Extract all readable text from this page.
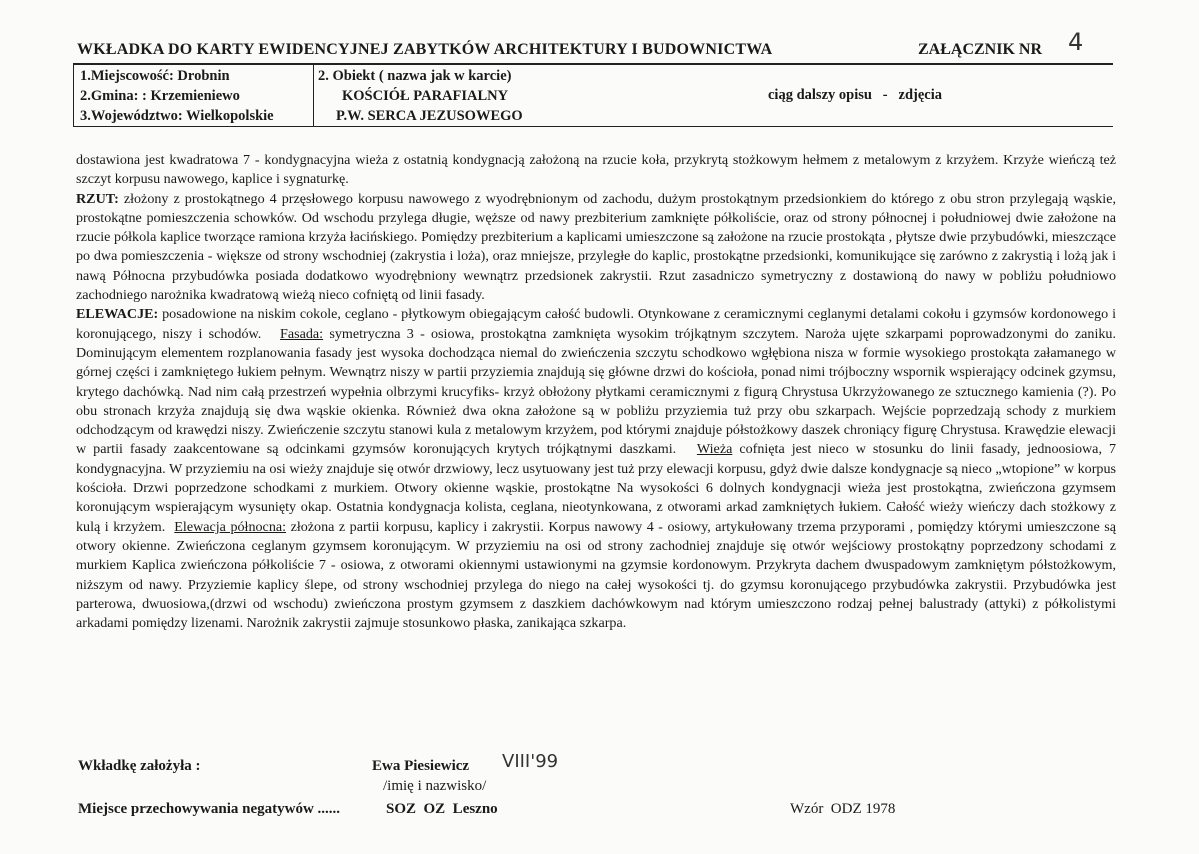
WKŁADKA DO KARTY EWIDENCYJNEJ ZABYTKÓW ARCHITEKTURY I BUDOWNICTWA	ZAŁĄCZNIK NR 4
1.Miejscowość: Drobnin
2.Gmina: : Krzemieniewo
3.Województwo: Wielkopolskie
2. Obiekt ( nazwa jak w karcie)
KOŚCIÓŁ PARAFIALNY
P.W. SERCA JEZUSOWEGO
ciąg dalszy opisu   -   zdjęcia

dostawiona jest kwadratowa 7 - kondygnacyjna wieża z ostatnią kondygnacją założoną na rzucie koła, przykrytą stożkowym hełmem z metalowym z krzyżem. Krzyże wieńczą też szczyt korpusu nawowego, kaplice i sygnaturkę.

RZUT: złożony z prostokątnego 4 przęsłowego korpusu nawowego z wyodrębnionym od zachodu, dużym prostokątnym przedsionkiem do którego z obu stron przylegają wąskie, prostokątne pomieszczenia schowków. Od wschodu przylega długie, węższe od nawy prezbiterium zamknięte półkoliście, oraz od strony północnej i południowej dwie założone na rzucie półkola kaplice tworzące ramiona krzyża łacińskiego. Pomiędzy prezbiterium a kaplicami umieszczone są założone na rzucie prostokąta , płytsze dwie przybudówki, mieszczące po dwa pomieszczenia - większe od strony wschodniej (zakrystia i loża), oraz mniejsze, przyległe do kaplic, prostokątne przedsionki, komunikujące się zarówno z zakrystią i lożą jak i nawą Północna przybudówka posiada dodatkowo wyodrębniony wewnątrz przedsionek zakrystii. Rzut zasadniczo symetryczny z dostawioną do nawy w pobliżu południowo zachodniego narożnika kwadratową wieżą nieco cofniętą od linii fasady.

ELEWACJE: posadowione na niskim cokole, ceglano - płytkowym obiegającym całość budowli. Otynkowane z ceramicznymi ceglanymi detalami cokołu i gzymsów kordonowego i koronującego, niszy i schodów.   Fasada: symetryczna 3 - osiowa, prostokątna zamknięta wysokim trójkątnym szczytem. Naroża ujęte szkarpami poprowadzonymi do zaniku. Dominującym elementem rozplanowania fasady jest wysoka dochodząca niemal do zwieńczenia szczytu schodkowo wgłębiona nisza w formie wysokiego prostokąta załamanego w górnej części i zamkniętego łukiem pełnym. Wewnątrz niszy w partii przyziemia znajdują się główne drzwi do kościoła, ponad nimi trójboczny wspornik wspierający odcinek gzymsu, krytego dachówką. Nad nim całą przestrzeń wypełnia olbrzymi krucyfiks- krzyż obłożony płytkami ceramicznymi z figurą Chrystusa Ukrzyżowanego ze sztucznego kamienia (?). Po obu stronach krzyża znajdują się dwa wąskie okienka. Również dwa okna założone są w pobliżu przyziemia tuż przy obu szkarpach. Wejście poprzedzają schody z murkiem odchodzącym od krawędzi niszy. Zwieńczenie szczytu stanowi kula z metalowym krzyżem, pod którymi znajduje półstożkowy daszek chroniący figurę Chrystusa. Krawędzie elewacji w partii fasady zaakcentowane są odcinkami gzymsów koronujących krytych trójkątnymi daszkami.   Wieża cofnięta jest nieco w stosunku do linii fasady, jednoosiowa, 7 kondygnacyjna. W przyziemiu na osi wieży znajduje się otwór drzwiowy, lecz usytuowany jest tuż przy elewacji korpusu, gdyż dwie dalsze kondygnacje są nieco „wtopione” w korpus kościoła. Drzwi poprzedzone schodkami z murkiem. Otwory okienne wąskie, prostokątne Na wysokości 6 dolnych kondygnacji wieża jest prostokątna, zwieńczona gzymsem koronującym wspierającym wysunięty okap. Ostatnia kondygnacja kolista, ceglana, nieotynkowana, z otworami arkad zamkniętych łukiem. Całość wieży wieńczy dach stożkowy z kulą i krzyżem.  Elewacja północna: złożona z partii korpusu, kaplicy i zakrystii. Korpus nawowy 4 - osiowy, artykułowany trzema przyporami , pomiędzy którymi umieszczone są otwory okienne. Zwieńczona ceglanym gzymsem koronującym. W przyziemiu na osi od strony zachodniej znajduje się otwór wejściowy prostokątny poprzedzony schodami z murkiem Kaplica zwieńczona półkoliście 7 - osiowa, z otworami okiennymi ustawionymi na gzymsie kordonowym. Przykryta dachem dwuspadowym zamkniętym półstożkowym, niższym od nawy. Przyziemie kaplicy ślepe, od strony wschodniej przylega do niego na całej wysokości tj. do gzymsu koronującego przybudówka zakrystii. Przybudówka jest parterowa, dwuosiowa,(drzwi od wschodu) zwieńczona prostym gzymsem z daszkiem dachówkowym nad którym umieszczono rodzaj pełnej balustrady (attyki) z półkolistymi arkadami pomiędzy lizenami. Narożnik zakrystii zajmuje stosunkowo płaska, zanikająca szkarpa.

Wkładkę założyła :	Ewa Piesiewicz VIII'99
/imię i nazwisko/
Miejsce przechowywania negatywów ......	SOZ  OZ  Leszno	Wzór  ODZ 1978
